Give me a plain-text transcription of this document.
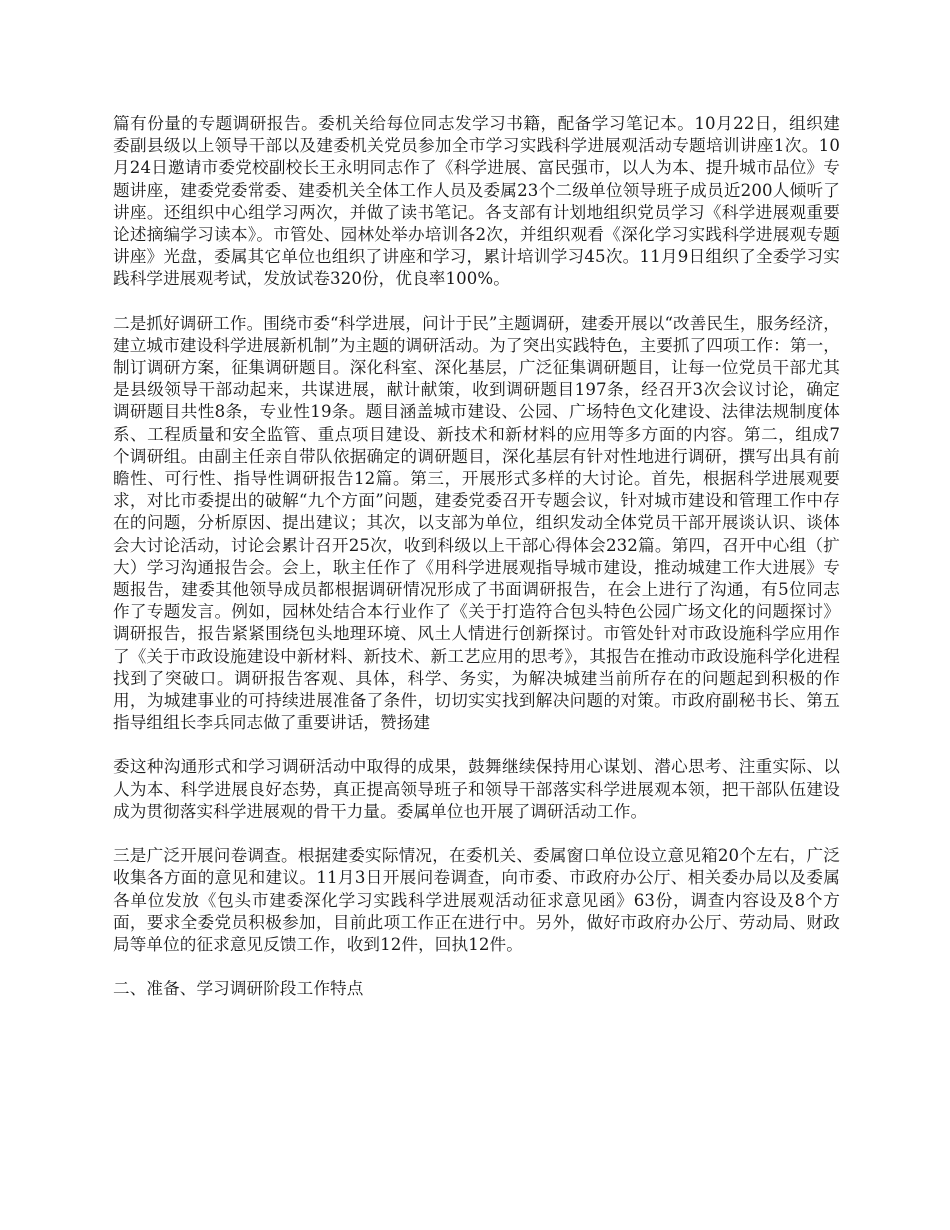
篇有份量的专题调研报告。委机关给每位同志发学习书籍，配备学习笔记本。10月22日，组织建委副县级以上领导干部以及建委机关党员参加全市学习实践科学进展观活动专题培训讲座1次。10月24日邀请市委党校副校长王永明同志作了《科学进展、富民强市，以人为本、提升城市品位》专题讲座，建委党委常委、建委机关全体工作人员及委属23个二级单位领导班子成员近200人倾听了讲座。还组织中心组学习两次，并做了读书笔记。各支部有计划地组织党员学习《科学进展观重要论述摘编学习读本》。市管处、园林处举办培训各2次，并组织观看《深化学习实践科学进展观专题讲座》光盘，委属其它单位也组织了讲座和学习，累计培训学习45次。11月9日组织了全委学习实践科学进展观考试，发放试卷320份，优良率100%。

二是抓好调研工作。围绕市委“科学进展，问计于民”主题调研，建委开展以“改善民生，服务经济，建立城市建设科学进展新机制”为主题的调研活动。为了突出实践特色，主要抓了四项工作：第一，制订调研方案，征集调研题目。深化科室、深化基层，广泛征集调研题目，让每一位党员干部尤其是县级领导干部动起来，共谋进展，献计献策，收到调研题目197条，经召开3次会议讨论，确定调研题目共性8条，专业性19条。题目涵盖城市建设、公园、广场特色文化建设、法律法规制度体系、工程质量和安全监管、重点项目建设、新技术和新材料的应用等多方面的内容。第二，组成7个调研组。由副主任亲自带队依据确定的调研题目，深化基层有针对性地进行调研，撰写出具有前瞻性、可行性、指导性调研报告12篇。第三，开展形式多样的大讨论。首先，根据科学进展观要求，对比市委提出的破解“九个方面”问题，建委党委召开专题会议，针对城市建设和管理工作中存在的问题，分析原因、提出建议；其次，以支部为单位，组织发动全体党员干部开展谈认识、谈体会大讨论活动，讨论会累计召开25次，收到科级以上干部心得体会232篇。第四，召开中心组（扩大）学习沟通报告会。会上，耿主任作了《用科学进展观指导城市建设，推动城建工作大进展》专题报告，建委其他领导成员都根据调研情况形成了书面调研报告，在会上进行了沟通，有5位同志作了专题发言。例如，园林处结合本行业作了《关于打造符合包头特色公园广场文化的问题探讨》调研报告，报告紧紧围绕包头地理环境、风土人情进行创新探讨。市管处针对市政设施科学应用作了《关于市政设施建设中新材料、新技术、新工艺应用的思考》，其报告在推动市政设施科学化进程找到了突破口。调研报告客观、具体，科学、务实，为解决城建当前所存在的问题起到积极的作用，为城建事业的可持续进展准备了条件，切切实实找到解决问题的对策。市政府副秘书长、第五指导组组长李兵同志做了重要讲话，赞扬建

委这种沟通形式和学习调研活动中取得的成果，鼓舞继续保持用心谋划、潜心思考、注重实际、以人为本、科学进展良好态势，真正提高领导班子和领导干部落实科学进展观本领，把干部队伍建设成为贯彻落实科学进展观的骨干力量。委属单位也开展了调研活动工作。

三是广泛开展问卷调查。根据建委实际情况，在委机关、委属窗口单位设立意见箱20个左右，广泛收集各方面的意见和建议。11月3日开展问卷调查，向市委、市政府办公厅、相关委办局以及委属各单位发放《包头市建委深化学习实践科学进展观活动征求意见函》63份，调查内容设及8个方面，要求全委党员积极参加，目前此项工作正在进行中。另外，做好市政府办公厅、劳动局、财政局等单位的征求意见反馈工作，收到12件，回执12件。

二、准备、学习调研阶段工作特点
